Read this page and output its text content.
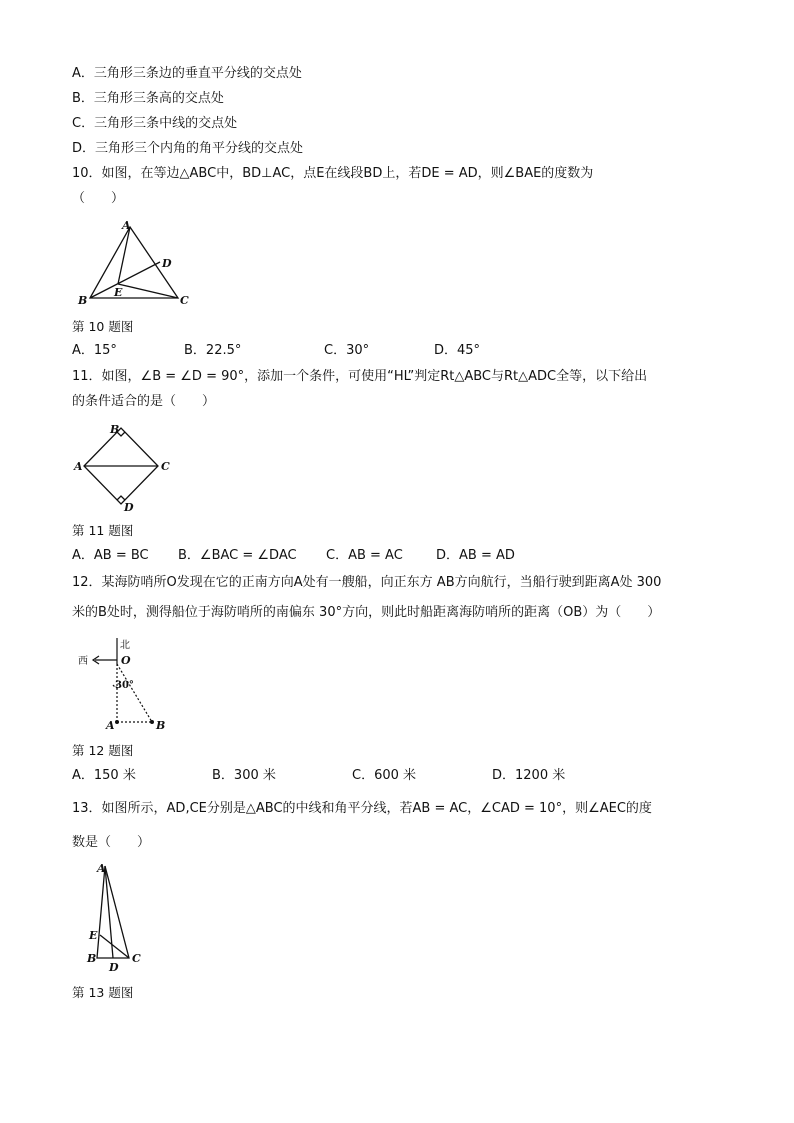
A．三角形三条边的垂直平分线的交点处
B．三角形三条高的交点处
C．三角形三条中线的交点处
D．三角形三个内角的角平分线的交点处
10．如图，在等边△ABC中，BD⊥AC，点E在线段BD上，若DE = AD，则∠BAE的度数为
（　　）
A
D
E
B	C
第 10 题图
A．15°	B．22.5°	C．30°	D．45°
11．如图，∠B = ∠D = 90°，添加一个条件，可使用“HL”判定Rt△ABC与Rt△ADC全等，以下给出
的条件适合的是（　　）
B
A	C
D
第 11 题图
A．AB = BC B．∠BAC = ∠DAC C．AB = AC	D．AB = AD
12．某海防哨所O发现在它的正南方向A处有一艘船，向正东方 AB方向航行，当船行驶到距离A处 300
米的B处时，测得船位于海防哨所的南偏东 30°方向，则此时船距离海防哨所的距离（OB）为（　　）
北
西	O
30°
A	B
第 12 题图
A．150 米	B．300 米	C．600 米	D．1200 米
13．如图所示，AD,CE分别是△ABC的中线和角平分线，若AB = AC，∠CAD = 10°，则∠AEC的度
数是（　　）
A
E
B	C
D
第 13 题图
